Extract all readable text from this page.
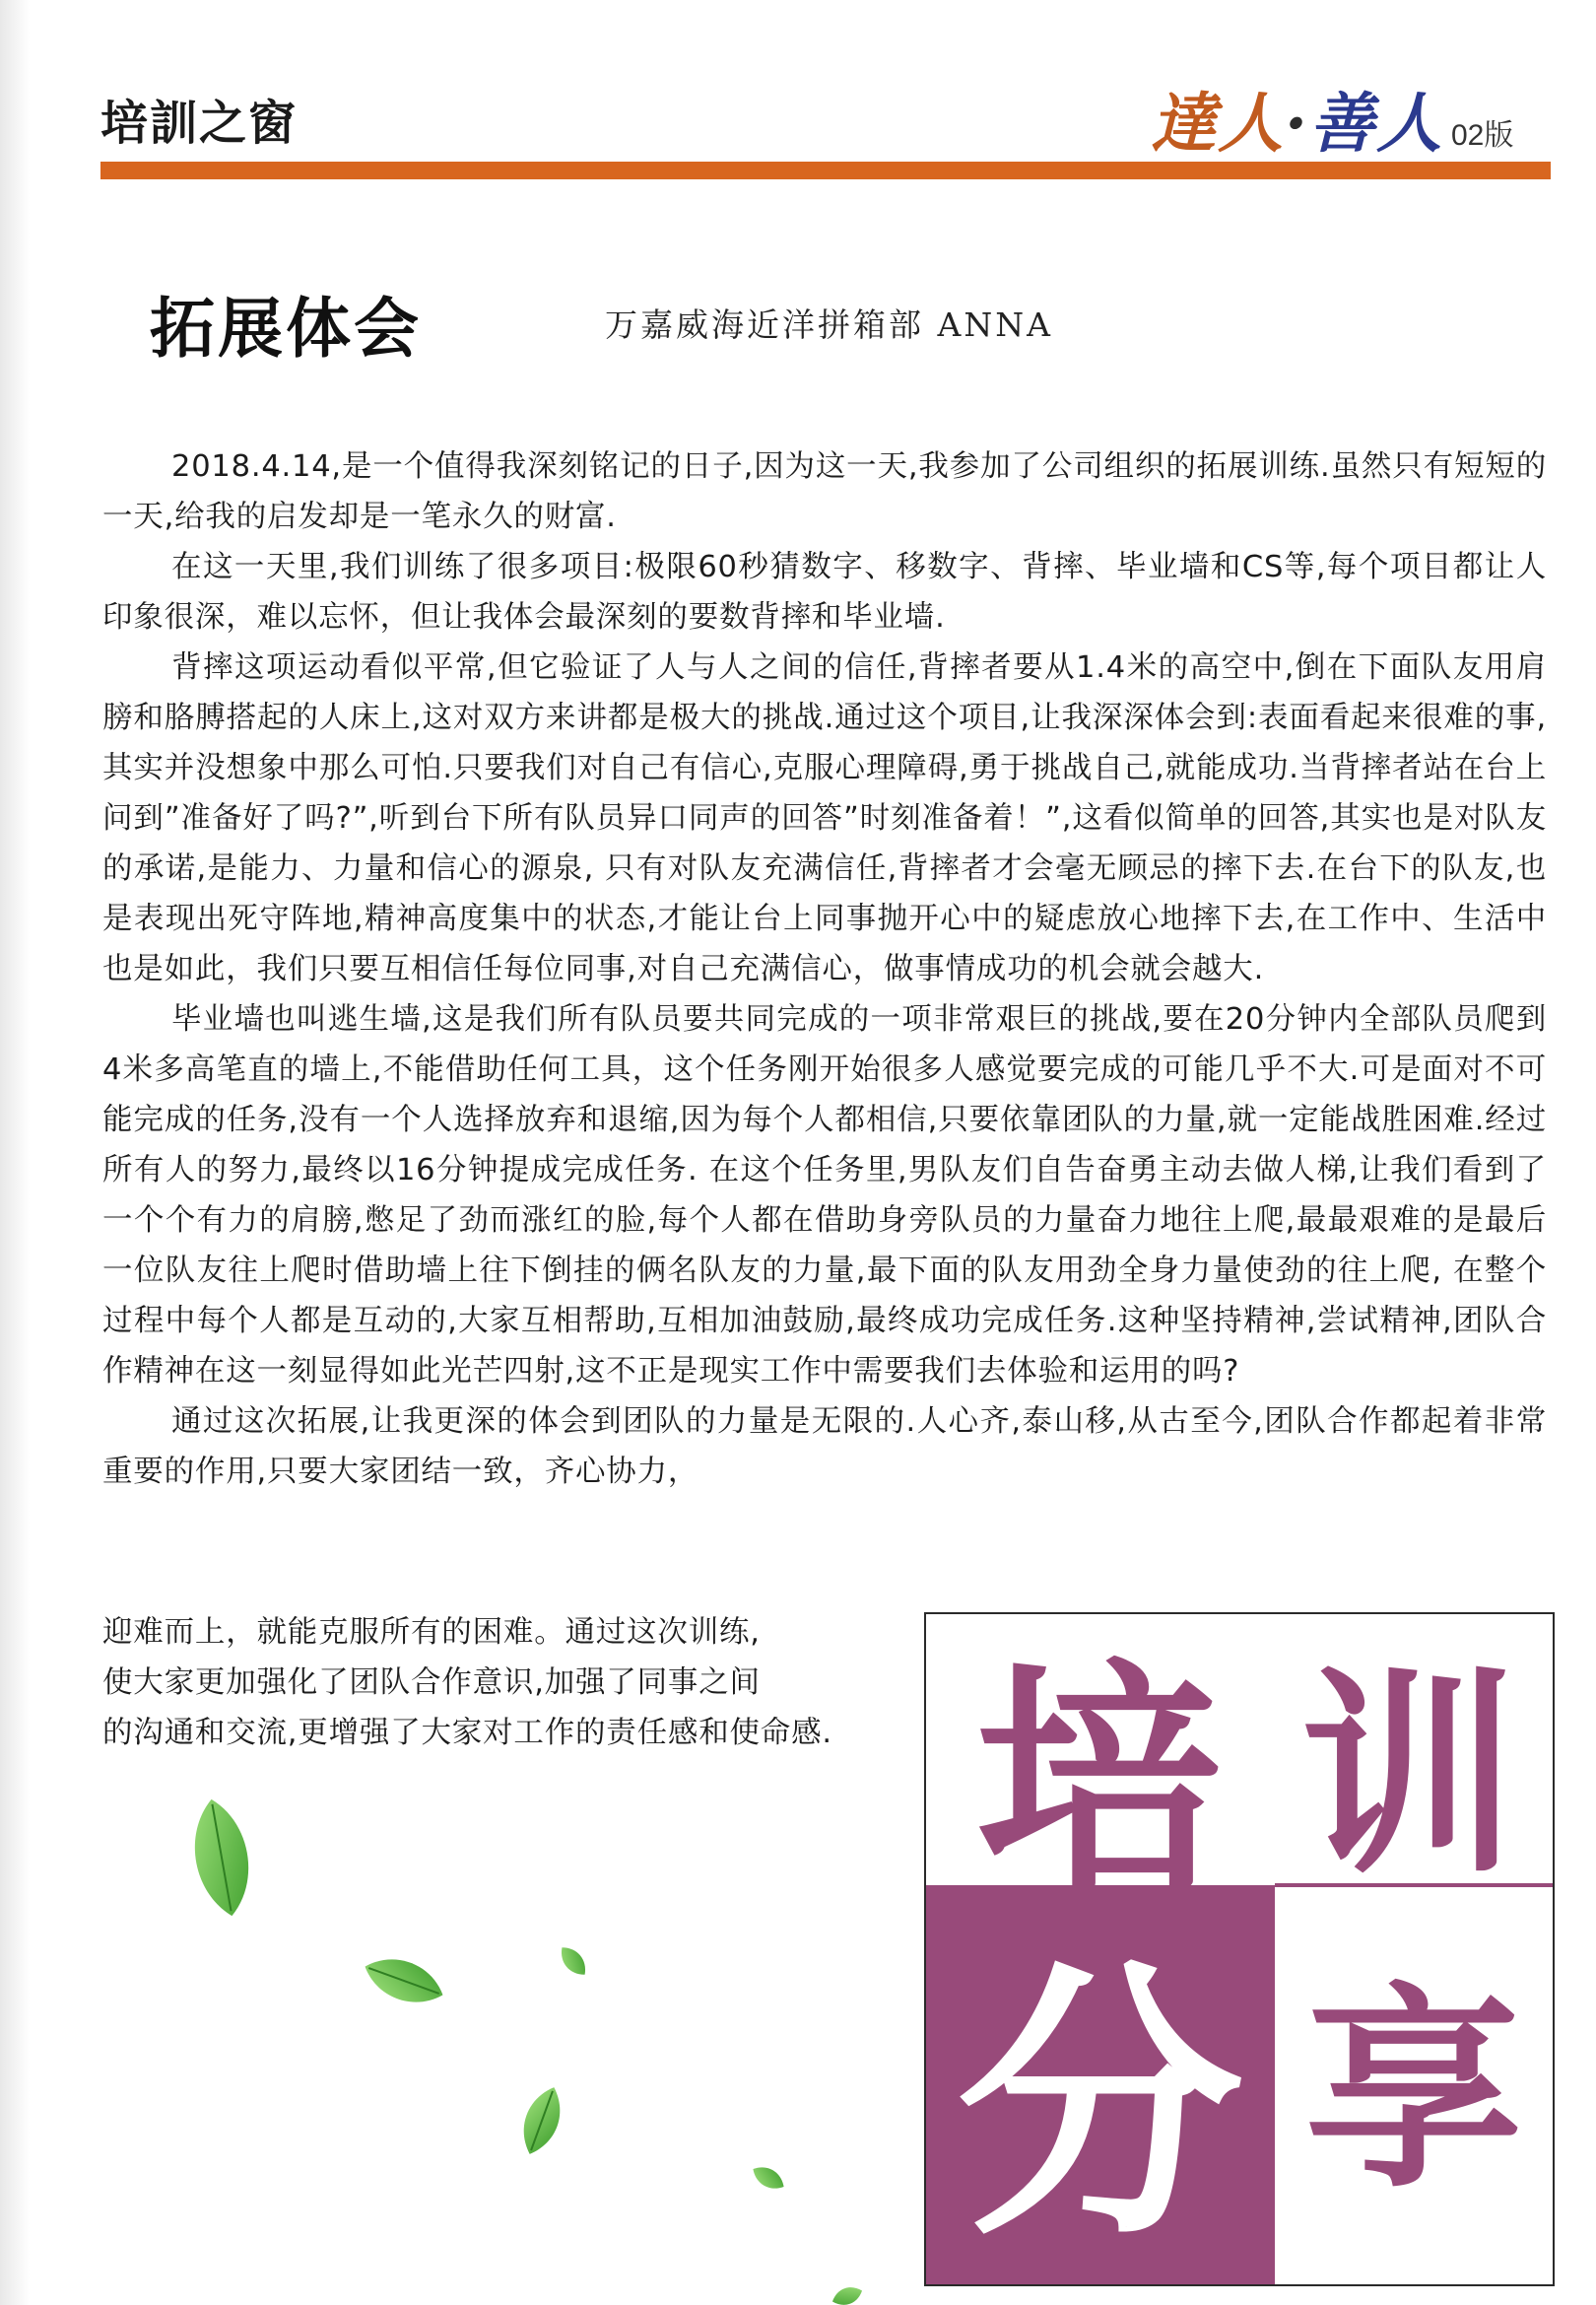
培訓之窗	達人·善人 02版
拓展体会	万嘉威海近洋拼箱部 ANNA

2018.4.14,是一个值得我深刻铭记的日子,因为这一天,我参加了公司组织的拓展训练.虽然只有短短的一天,给我的启发却是一笔永久的财富.

在这一天里,我们训练了很多项目:极限60秒猜数字、移数字、背摔、毕业墙和CS等,每个项目都让人印象很深，难以忘怀，但让我体会最深刻的要数背摔和毕业墙.

背摔这项运动看似平常,但它验证了人与人之间的信任,背摔者要从1.4米的高空中,倒在下面队友用肩膀和胳膊搭起的人床上,这对双方来讲都是极大的挑战.通过这个项目,让我深深体会到:表面看起来很难的事,其实并没想象中那么可怕.只要我们对自己有信心,克服心理障碍,勇于挑战自己,就能成功.当背摔者站在台上问到”准备好了吗?”,听到台下所有队员异口同声的回答”时刻准备着！”,这看似简单的回答,其实也是对队友的承诺,是能力、力量和信心的源泉, 只有对队友充满信任,背摔者才会毫无顾忌的摔下去.在台下的队友,也是表现出死守阵地,精神高度集中的状态,才能让台上同事抛开心中的疑虑放心地摔下去,在工作中、生活中也是如此，我们只要互相信任每位同事,对自己充满信心，做事情成功的机会就会越大.

毕业墙也叫逃生墙,这是我们所有队员要共同完成的一项非常艰巨的挑战,要在20分钟内全部队员爬到4米多高笔直的墙上,不能借助任何工具，这个任务刚开始很多人感觉要完成的可能几乎不大.可是面对不可能完成的任务,没有一个人选择放弃和退缩,因为每个人都相信,只要依靠团队的力量,就一定能战胜困难.经过所有人的努力,最终以16分钟提成完成任务. 在这个任务里,男队友们自告奋勇主动去做人梯,让我们看到了一个个有力的肩膀,憋足了劲而涨红的脸,每个人都在借助身旁队员的力量奋力地往上爬,最最艰难的是最后一位队友往上爬时借助墙上往下倒挂的俩名队友的力量,最下面的队友用劲全身力量使劲的往上爬, 在整个过程中每个人都是互动的,大家互相帮助,互相加油鼓励,最终成功完成任务.这种坚持精神,尝试精神,团队合作精神在这一刻显得如此光芒四射,这不正是现实工作中需要我们去体验和运用的吗?

通过这次拓展,让我更深的体会到团队的力量是无限的.人心齐,泰山移,从古至今,团队合作都起着非常重要的作用,只要大家团结一致，齐心协力，

迎难而上，就能克服所有的困难。通过这次训练,
使大家更加强化了团队合作意识,加强了同事之间
的沟通和交流,更增强了大家对工作的责任感和使命感. 培 训
分 享
